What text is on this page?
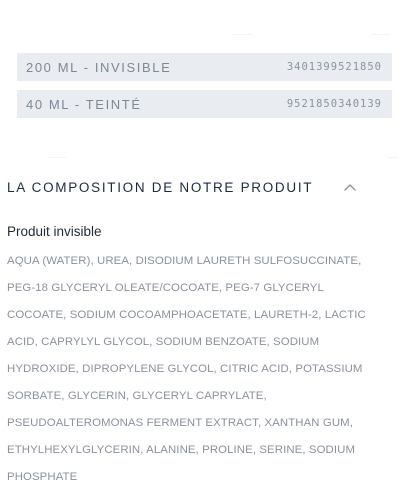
200 ML - INVISIBLE	3401399521850
40 ML - TEINTÉ	9521850340139
LA COMPOSITION DE NOTRE PRODUIT
Produit invisible
AQUA (WATER), UREA, DISODIUM LAURETH SULFOSUCCINATE,
PEG-18 GLYCERYL OLEATE/COCOATE, PEG-7 GLYCERYL
COCOATE, SODIUM COCOAMPHOACETATE, LAURETH-2, LACTIC
ACID, CAPRYLYL GLYCOL, SODIUM BENZOATE, SODIUM
HYDROXIDE, DIPROPYLENE GLYCOL, CITRIC ACID, POTASSIUM
SORBATE, GLYCERIN, GLYCERYL CAPRYLATE,
PSEUDOALTEROMONAS FERMENT EXTRACT, XANTHAN GUM,
ETHYLHEXYLGLYCERIN, ALANINE, PROLINE, SERINE, SODIUM
PHOSPHATE
